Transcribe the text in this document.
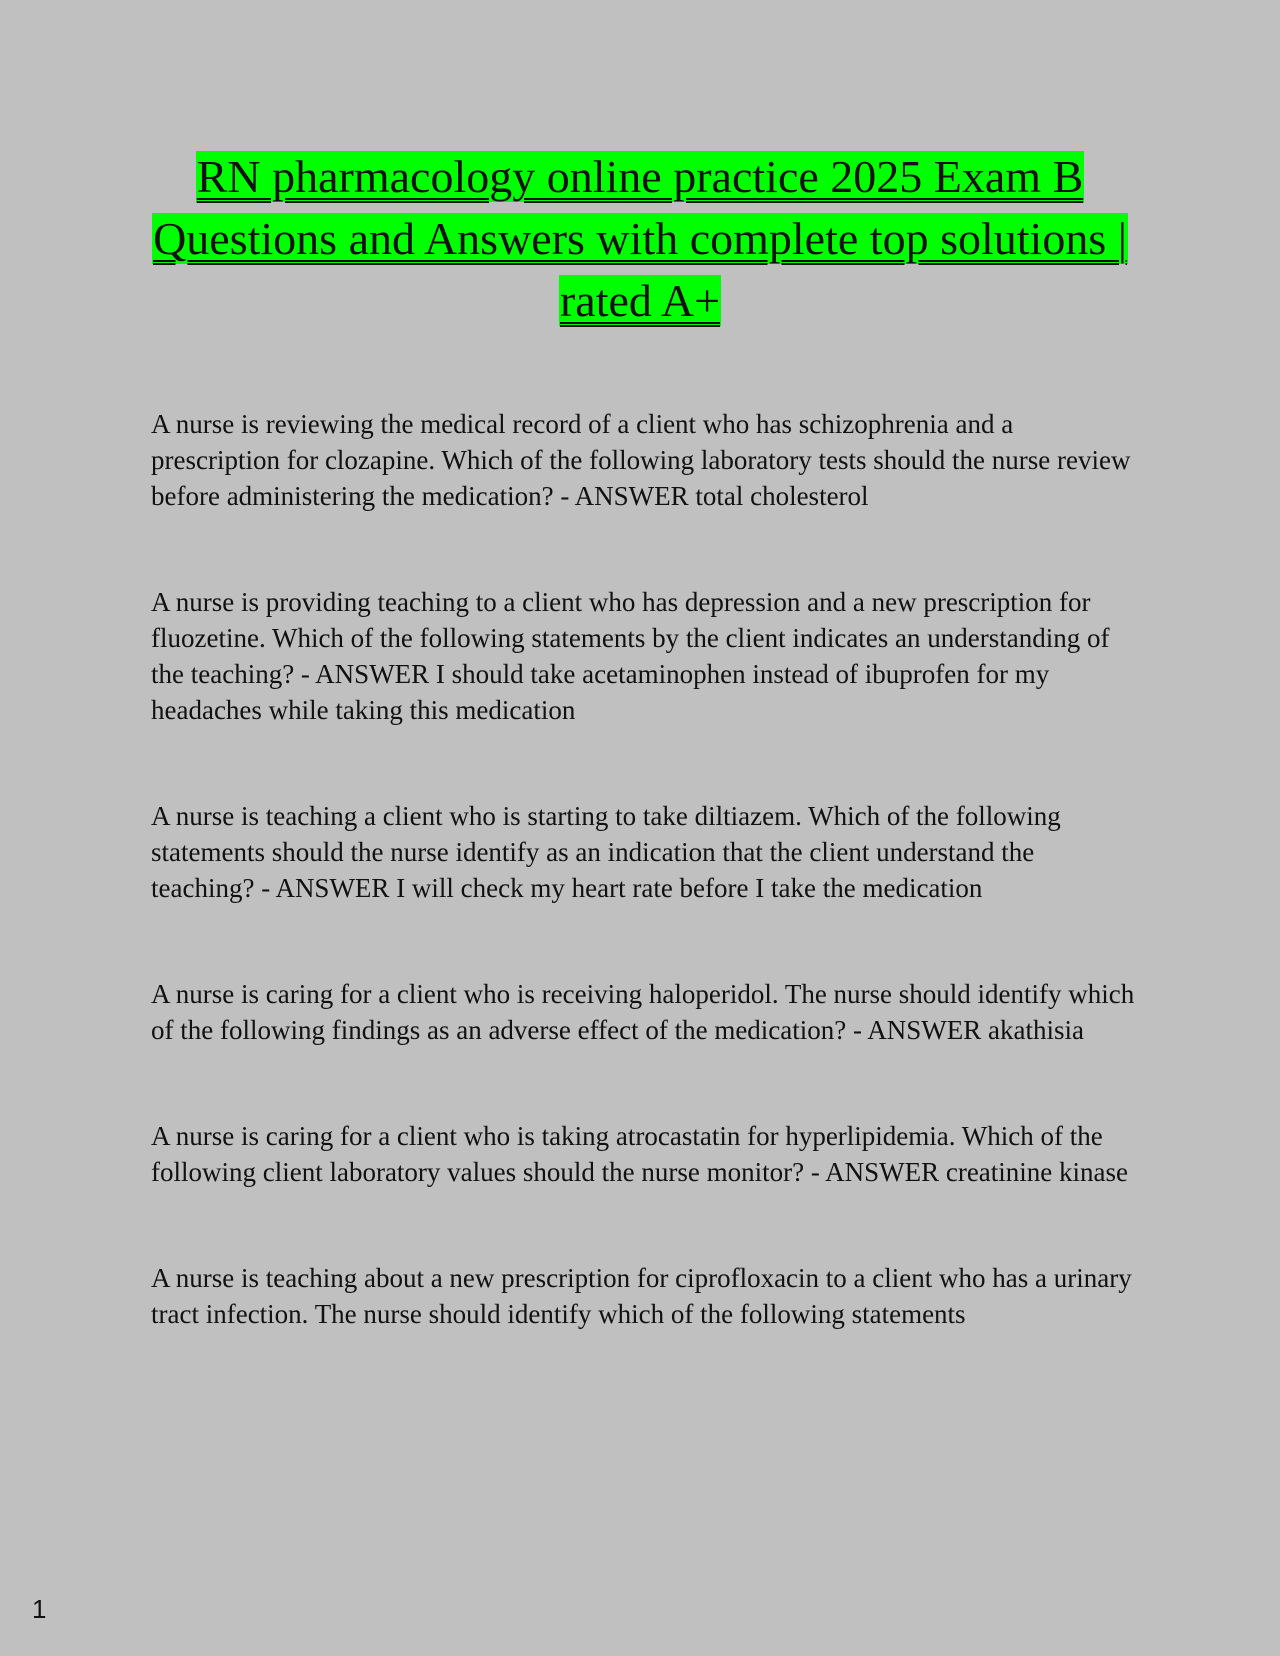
RN pharmacology online practice 2025 Exam B Questions and Answers with complete top solutions | rated A+

A nurse is reviewing the medical record of a client who has schizophrenia and a prescription for clozapine. Which of the following laboratory tests should the nurse review before administering the medication? - ANSWER total cholesterol

A nurse is providing teaching to a client who has depression and a new prescription for fluozetine. Which of the following statements by the client indicates an understanding of the teaching? - ANSWER I should take acetaminophen instead of ibuprofen for my headaches while taking this medication

A nurse is teaching a client who is starting to take diltiazem. Which of the following statements should the nurse identify as an indication that the client understand the teaching? - ANSWER I will check my heart rate before I take the medication

A nurse is caring for a client who is receiving haloperidol. The nurse should identify which of the following findings as an adverse effect of the medication? - ANSWER akathisia

A nurse is caring for a client who is taking atrocastatin for hyperlipidemia. Which of the following client laboratory values should the nurse monitor? - ANSWER creatinine kinase

A nurse is teaching about a new prescription for ciprofloxacin to a client who has a urinary tract infection. The nurse should identify which of the following statements

1
